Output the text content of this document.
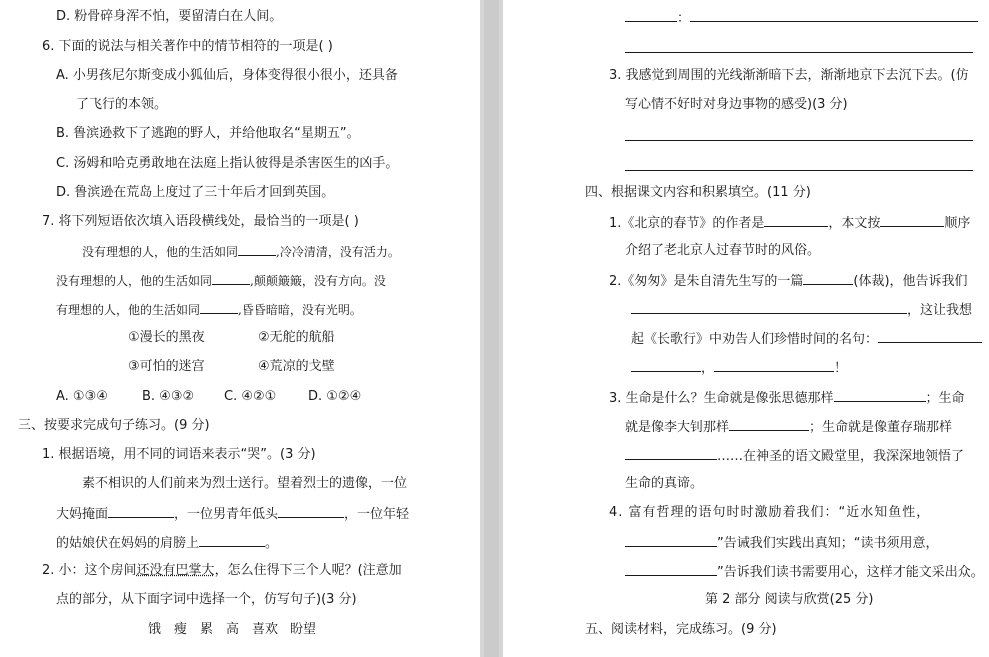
D. 粉骨碎身浑不怕，要留清白在人间。
6. 下面的说法与相关著作中的情节相符的一项是( )
A. 小男孩尼尔斯变成小狐仙后，身体变得很小很小，还具备
了飞行的本领。
B. 鲁滨逊救下了逃跑的野人，并给他取名“星期五”。
C. 汤姆和哈克勇敢地在法庭上指认彼得是杀害医生的凶手。
D. 鲁滨逊在荒岛上度过了三十年后才回到英国。
7. 将下列短语依次填入语段横线处，最恰当的一项是( )
没有理想的人，他的生活如同	,冷冷清清，没有活力。
没有理想的人，他的生活如同	,颠颠簸簸，没有方向。没
有理想的人，他的生活如同	,昏昏暗暗，没有光明。
①漫长的黑夜	②无舵的航船
③可怕的迷宫	④荒凉的戈壁
A. ①③④	B. ④③② C. ④②① D. ①②④
三、按要求完成句子练习。(9 分)
1. 根据语境，用不同的词语来表示“哭”。(3 分)
素不相识的人们前来为烈士送行。望着烈士的遗像，一位
大妈掩面	，一位男青年低头	，一位年轻
的姑娘伏在妈妈的肩膀上	。
2. 小：这个房间还没有巴掌大，怎么住得下三个人呢？(注意加
点的部分，从下面字词中选择一个，仿写句子)(3 分)
饿 瘦 累 高 喜欢 盼望
：
3. 我感觉到周围的光线渐渐暗下去，渐渐地京下去沉下去。(仿
写心情不好时对身边事物的感受)(3 分)
四、根据课文内容和积累填空。(11 分)
1.《北京的春节》的作者是	，本文按	顺序
介绍了老北京人过春节时的风俗。
2.《匆匆》是朱自清先生写的一篇	(体裁)，他告诉我们
，这让我想
起《长歌行》中劝告人们珍惜时间的名句：
，	！
3. 生命是什么？生命就是像张思德那样	；生命
就是像李大钊那样	；生命就是像董存瑞那样
……在神圣的语文殿堂里，我深深地领悟了
生命的真谛。
4. 富有哲理的语句时时激励着我们：“近水知鱼性，
”告诫我们实践出真知；“读书须用意，
”告诉我们读书需要用心，这样才能文采出众。
第 2 部分 阅读与欣赏(25 分)
五、阅读材料，完成练习。(9 分)
